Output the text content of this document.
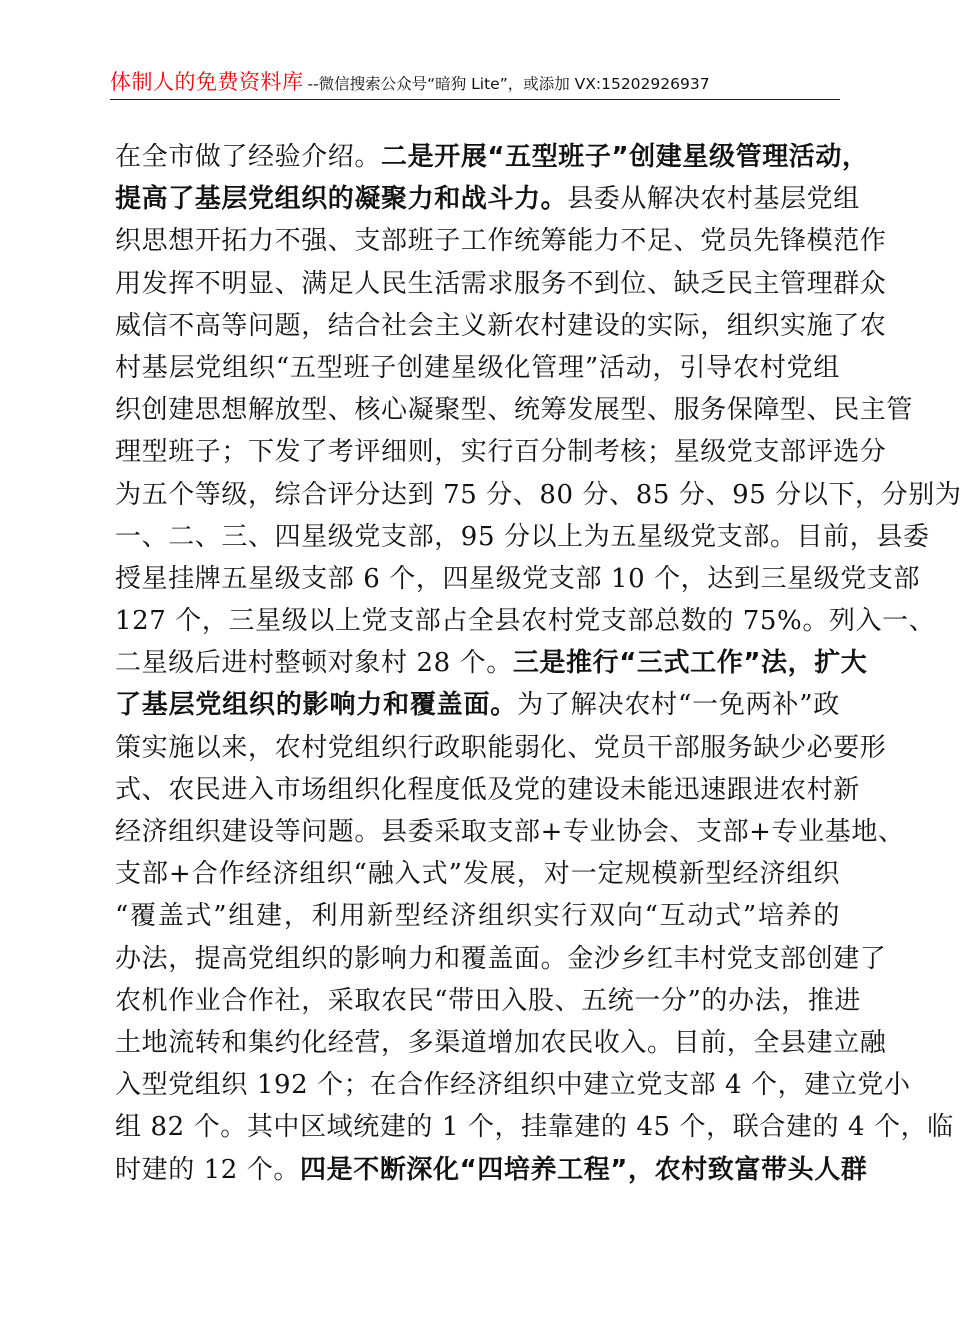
体制人的免费资料库 --微信搜索公众号“暗狗 Lite”，或添加 VX:15202926937
在全市做了经验介绍。二是开展“五型班子”创建星级管理活动，
提高了基层党组织的凝聚力和战斗力。县委从解决农村基层党组
织思想开拓力不强、支部班子工作统筹能力不足、党员先锋模范作
用发挥不明显、满足人民生活需求服务不到位、缺乏民主管理群众
威信不高等问题，结合社会主义新农村建设的实际，组织实施了农
村基层党组织“五型班子创建星级化管理”活动，引导农村党组
织创建思想解放型、核心凝聚型、统筹发展型、服务保障型、民主管
理型班子；下发了考评细则，实行百分制考核；星级党支部评选分
为五个等级，综合评分达到 75 分、80 分、85 分、95 分以下，分别为
一、二、三、四星级党支部，95 分以上为五星级党支部。目前，县委
授星挂牌五星级支部 6 个，四星级党支部 10 个，达到三星级党支部
127 个，三星级以上党支部占全县农村党支部总数的 75%。列入一、
二星级后进村整顿对象村 28 个。三是推行“三式工作”法，扩大
了基层党组织的影响力和覆盖面。为了解决农村“一免两补”政
策实施以来，农村党组织行政职能弱化、党员干部服务缺少必要形
式、农民进入市场组织化程度低及党的建设未能迅速跟进农村新
经济组织建设等问题。县委采取支部+专业协会、支部+专业基地、
支部+合作经济组织“融入式”发展，对一定规模新型经济组织
“覆盖式”组建，利用新型经济组织实行双向“互动式”培养的
办法，提高党组织的影响力和覆盖面。金沙乡红丰村党支部创建了
农机作业合作社，采取农民“带田入股、五统一分”的办法，推进
土地流转和集约化经营，多渠道增加农民收入。目前，全县建立融
入型党组织 192 个；在合作经济组织中建立党支部 4 个，建立党小
组 82 个。其中区域统建的 1 个，挂靠建的 45 个，联合建的 4 个，临
时建的 12 个。四是不断深化“四培养工程”，农村致富带头人群
